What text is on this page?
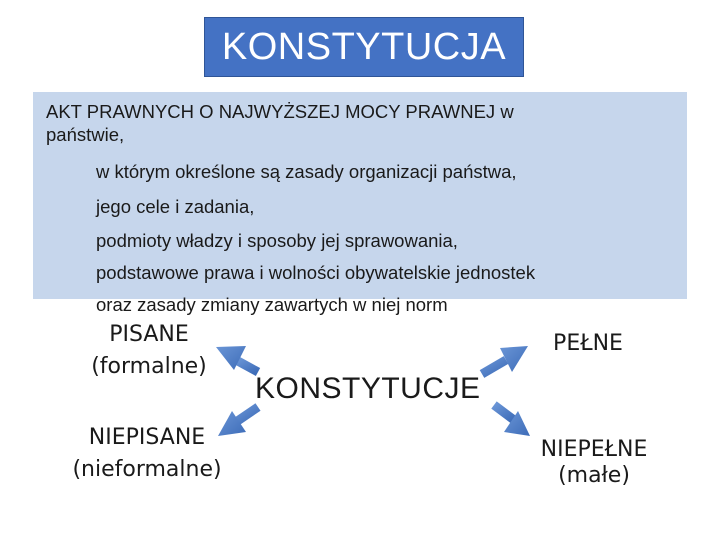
KONSTYTUCJA
AKT PRAWNYCH O NAJWYŻSZEJ MOCY PRAWNEJ w
państwie,
w którym określone są zasady organizacji państwa,
jego cele i zadania,
podmioty władzy i sposoby jej sprawowania,
podstawowe prawa i wolności obywatelskie jednostek
oraz zasady zmiany zawartych w niej norm
KONSTYTUCJE
PISANE
(formalne)
NIEPISANE
(nieformalne)
PEŁNE
NIEPEŁNE
(małe)
